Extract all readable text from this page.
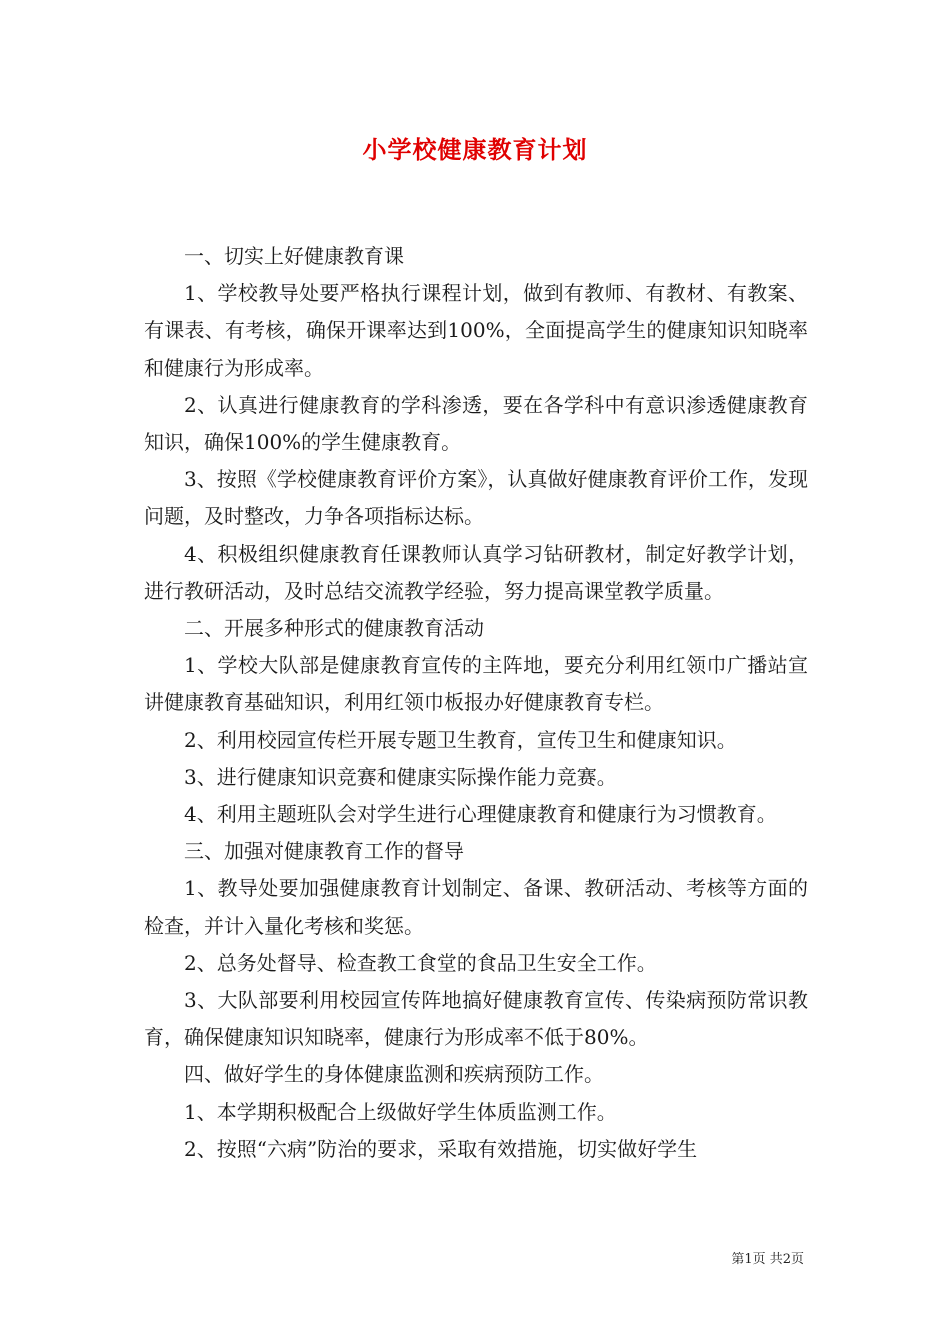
小学校健康教育计划

一、切实上好健康教育课

1、学校教导处要严格执行课程计划，做到有教师、有教材、有教案、有课表、有考核，确保开课率达到100%，全面提高学生的健康知识知晓率和健康行为形成率。

2、认真进行健康教育的学科渗透，要在各学科中有意识渗透健康教育知识，确保100%的学生健康教育。

3、按照《学校健康教育评价方案》，认真做好健康教育评价工作，发现问题，及时整改，力争各项指标达标。

4、积极组织健康教育任课教师认真学习钻研教材，制定好教学计划，进行教研活动，及时总结交流教学经验，努力提高课堂教学质量。

二、开展多种形式的健康教育活动

1、学校大队部是健康教育宣传的主阵地，要充分利用红领巾广播站宣讲健康教育基础知识，利用红领巾板报办好健康教育专栏。

2、利用校园宣传栏开展专题卫生教育，宣传卫生和健康知识。

3、进行健康知识竞赛和健康实际操作能力竞赛。

4、利用主题班队会对学生进行心理健康教育和健康行为习惯教育。

三、加强对健康教育工作的督导

1、教导处要加强健康教育计划制定、备课、教研活动、考核等方面的检查，并计入量化考核和奖惩。

2、总务处督导、检查教工食堂的食品卫生安全工作。

3、大队部要利用校园宣传阵地搞好健康教育宣传、传染病预防常识教育，确保健康知识知晓率，健康行为形成率不低于80%。

四、做好学生的身体健康监测和疾病预防工作。

1、本学期积极配合上级做好学生体质监测工作。

2、按照“六病”防治的要求，采取有效措施，切实做好学生

第1页 共2页
